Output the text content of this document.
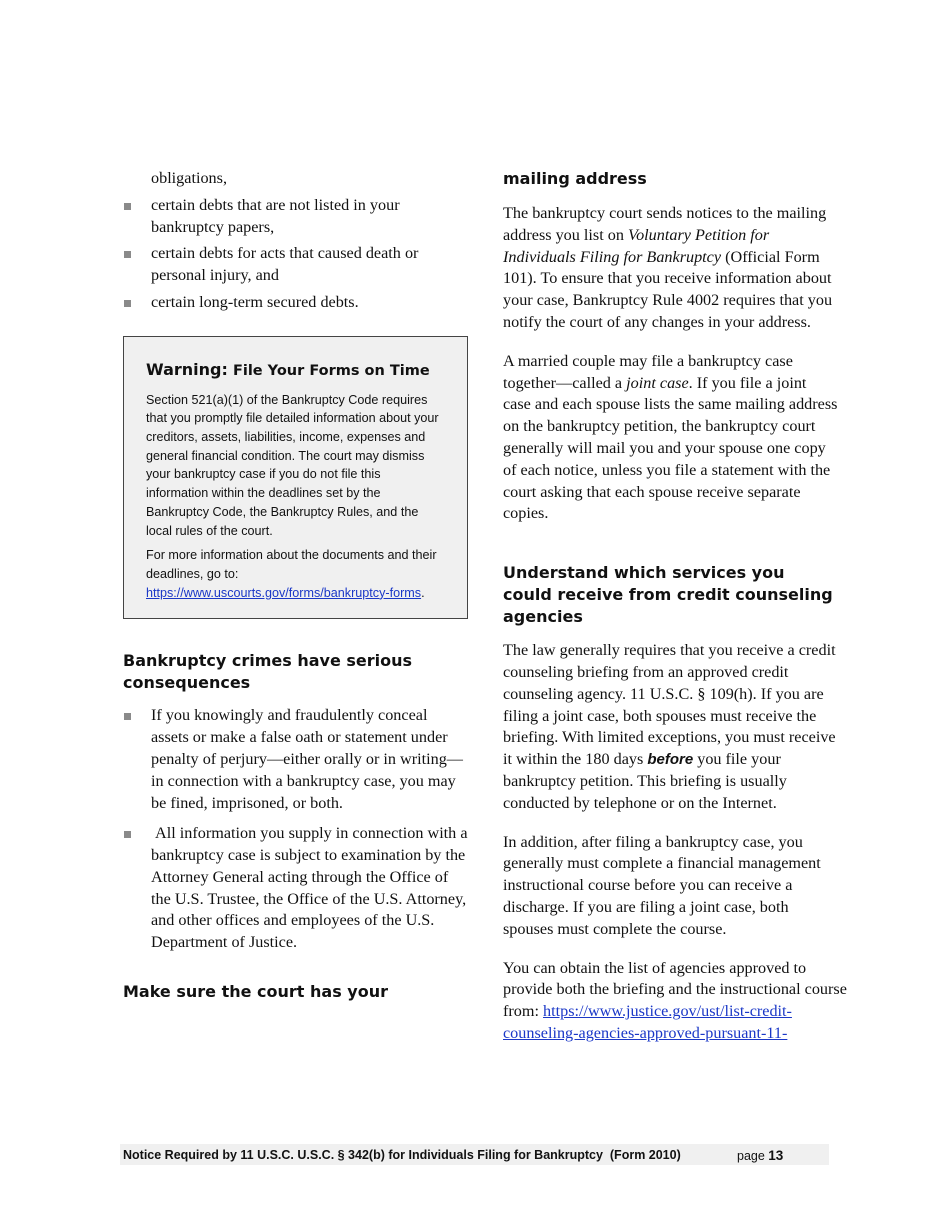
obligations,
certain debts that are not listed in your bankruptcy papers,
certain debts for acts that caused death or personal injury, and
certain long-term secured debts.
Warning: File Your Forms on Time

Section 521(a)(1) of the Bankruptcy Code requires that you promptly file detailed information about your creditors, assets, liabilities, income, expenses and general financial condition. The court may dismiss your bankruptcy case if you do not file this information within the deadlines set by the Bankruptcy Code, the Bankruptcy Rules, and the local rules of the court.

For more information about the documents and their deadlines, go to: https://www.uscourts.gov/forms/bankruptcy-forms.

Bankruptcy crimes have serious consequences
If you knowingly and fraudulently conceal assets or make a false oath or statement under penalty of perjury—either orally or in writing—in connection with a bankruptcy case, you may be fined, imprisoned, or both.
All information you supply in connection with a bankruptcy case is subject to examination by the Attorney General acting through the Office of the U.S. Trustee, the Office of the U.S. Attorney, and other offices and employees of the U.S. Department of Justice.
Make sure the court has your
mailing address

The bankruptcy court sends notices to the mailing address you list on Voluntary Petition for Individuals Filing for Bankruptcy (Official Form 101). To ensure that you receive information about your case, Bankruptcy Rule 4002 requires that you notify the court of any changes in your address.

A married couple may file a bankruptcy case together—called a joint case. If you file a joint case and each spouse lists the same mailing address on the bankruptcy petition, the bankruptcy court generally will mail you and your spouse one copy of each notice, unless you file a statement with the court asking that each spouse receive separate copies.

Understand which services you could receive from credit counseling agencies

The law generally requires that you receive a credit counseling briefing from an approved credit counseling agency. 11 U.S.C. § 109(h). If you are filing a joint case, both spouses must receive the briefing. With limited exceptions, you must receive it within the 180 days before you file your bankruptcy petition. This briefing is usually conducted by telephone or on the Internet.

In addition, after filing a bankruptcy case, you generally must complete a financial management instructional course before you can receive a discharge. If you are filing a joint case, both spouses must complete the course.

You can obtain the list of agencies approved to provide both the briefing and the instructional course from: https://www.justice.gov/ust/list-credit-counseling-agencies-approved-pursuant-11-

Notice Required by 11 U.S.C. U.S.C. § 342(b) for Individuals Filing for Bankruptcy  (Form 2010)	page 13
